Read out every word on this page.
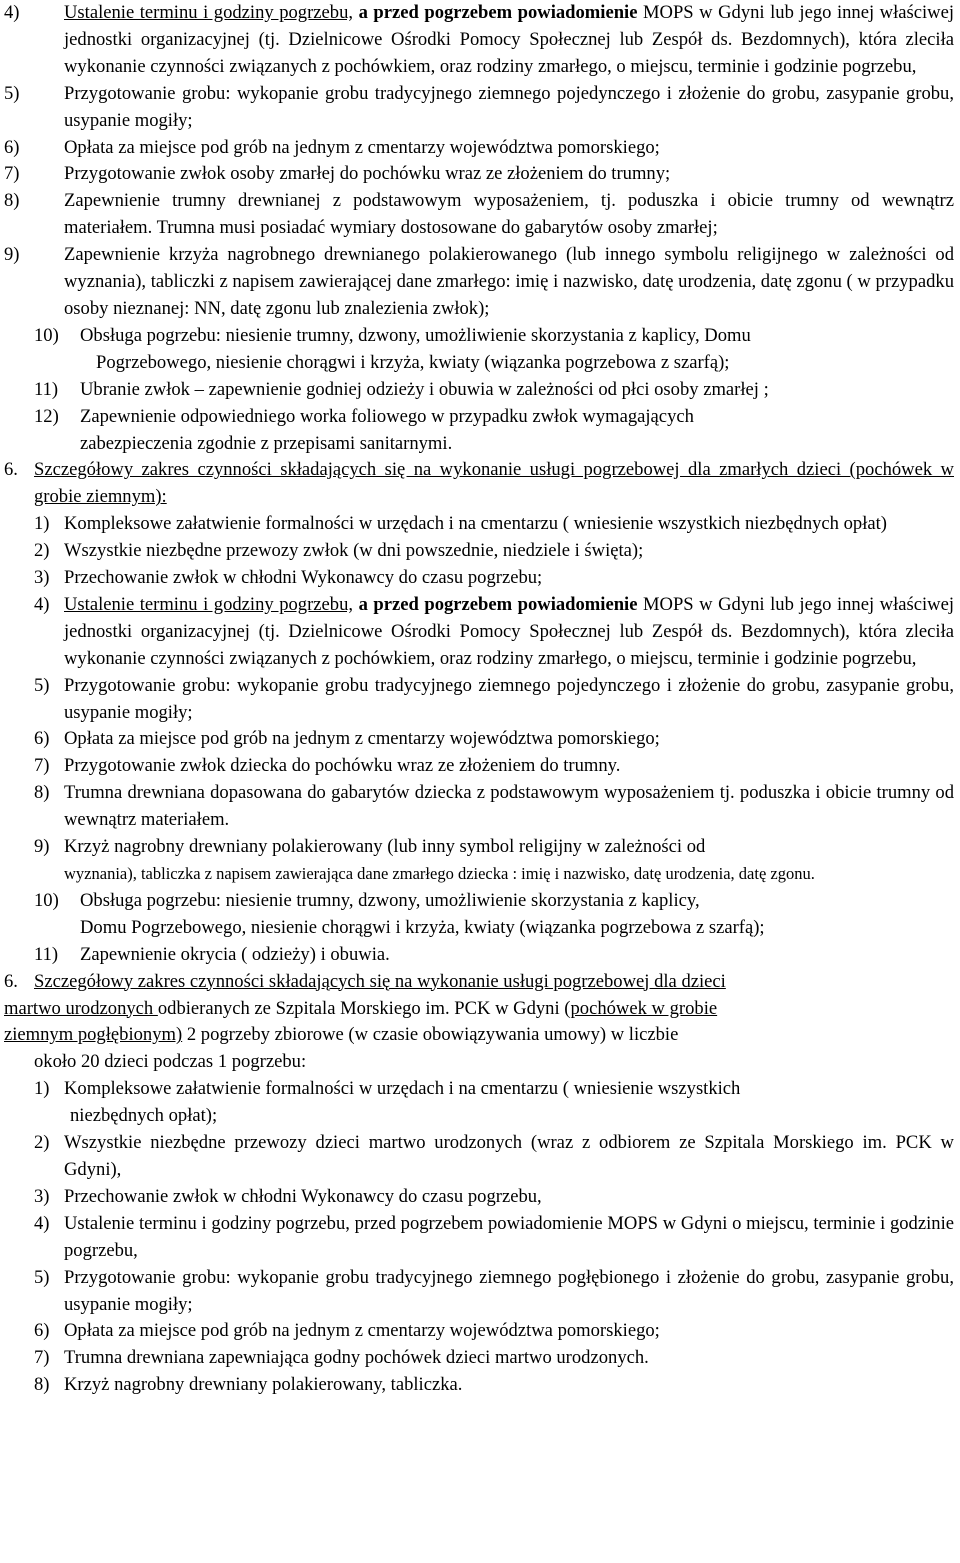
4) Ustalenie terminu i godziny pogrzebu, a przed pogrzebem powiadomienie MOPS w Gdyni lub jego innej właściwej jednostki organizacyjnej (tj. Dzielnicowe Ośrodki Pomocy Społecznej lub Zespół ds. Bezdomnych), która zleciła wykonanie czynności związanych z pochówkiem, oraz rodziny zmarłego, o miejscu, terminie i godzinie pogrzebu,
5) Przygotowanie grobu: wykopanie grobu tradycyjnego ziemnego pojedynczego i złożenie do grobu, zasypanie grobu, usypanie mogiły;
6) Opłata za miejsce pod grób na jednym z cmentarzy województwa pomorskiego;
7) Przygotowanie zwłok osoby zmarłej do pochówku wraz ze złożeniem do trumny;
8) Zapewnienie trumny drewnianej z podstawowym wyposażeniem, tj. poduszka i obicie trumny od wewnątrz materiałem. Trumna musi posiadać wymiary dostosowane do gabarytów osoby zmarłej;
9) Zapewnienie krzyża nagrobnego drewnianego polakierowanego (lub innego symbolu religijnego w zależności od wyznania), tabliczki z napisem zawierającej dane zmarłego: imię i nazwisko, datę urodzenia, datę zgonu ( w przypadku osoby nieznanej: NN, datę zgonu lub znalezienia zwłok);
10) Obsługa pogrzebu: niesienie trumny, dzwony, umożliwienie skorzystania z kaplicy, Domu
Pogrzebowego, niesienie chorągwi i krzyża, kwiaty (wiązanka pogrzebowa z szarfą);
11) Ubranie zwłok – zapewnienie godniej odzieży i obuwia w zależności od płci osoby zmarłej ;
12) Zapewnienie odpowiedniego worka foliowego w przypadku zwłok wymagających
zabezpieczenia zgodnie z przepisami sanitarnymi.
6. Szczegółowy zakres czynności składających się na wykonanie usługi pogrzebowej dla zmarłych dzieci (pochówek w grobie ziemnym):
1) Kompleksowe załatwienie formalności w urzędach i na cmentarzu ( wniesienie wszystkich niezbędnych opłat)
2) Wszystkie niezbędne przewozy zwłok (w dni powszednie, niedziele i święta);
3) Przechowanie zwłok w chłodni Wykonawcy do czasu pogrzebu;
4) Ustalenie terminu i godziny pogrzebu, a przed pogrzebem powiadomienie MOPS w Gdyni lub jego innej właściwej jednostki organizacyjnej (tj. Dzielnicowe Ośrodki Pomocy Społecznej lub Zespół ds. Bezdomnych), która zleciła wykonanie czynności związanych z pochówkiem, oraz rodziny zmarłego, o miejscu, terminie i godzinie pogrzebu,
5) Przygotowanie grobu: wykopanie grobu tradycyjnego ziemnego pojedynczego i złożenie do grobu, zasypanie grobu, usypanie mogiły;
6) Opłata za miejsce pod grób na jednym z cmentarzy województwa pomorskiego;
7) Przygotowanie zwłok dziecka do pochówku wraz ze złożeniem do trumny.
8) Trumna drewniana dopasowana do gabarytów dziecka z podstawowym wyposażeniem tj. poduszka i obicie trumny od wewnątrz materiałem.
9) Krzyż nagrobny drewniany polakierowany (lub inny symbol religijny w zależności od
wyznania), tabliczka z napisem zawierająca dane zmarłego dziecka : imię i nazwisko, datę urodzenia, datę zgonu.
10) Obsługa pogrzebu: niesienie trumny, dzwony, umożliwienie skorzystania z kaplicy,
Domu Pogrzebowego, niesienie chorągwi i krzyża, kwiaty (wiązanka pogrzebowa z szarfą);
11) Zapewnienie okrycia ( odzieży) i obuwia.
6. Szczegółowy zakres czynności składających się na wykonanie usługi pogrzebowej dla dzieci
martwo urodzonych odbieranych ze Szpitala Morskiego im. PCK w Gdyni (pochówek w grobie
ziemnym pogłębionym) 2 pogrzeby zbiorowe (w czasie obowiązywania umowy) w liczbie
około 20 dzieci podczas 1 pogrzebu:
1) Kompleksowe załatwienie formalności w urzędach i na cmentarzu ( wniesienie wszystkich
niezbędnych opłat);
2) Wszystkie niezbędne przewozy dzieci martwo urodzonych (wraz z odbiorem ze Szpitala Morskiego im. PCK w Gdyni),
3) Przechowanie zwłok w chłodni Wykonawcy do czasu pogrzebu,
4) Ustalenie terminu i godziny pogrzebu, przed pogrzebem powiadomienie MOPS w Gdyni o miejscu, terminie i godzinie pogrzebu,
5) Przygotowanie grobu: wykopanie grobu tradycyjnego ziemnego pogłębionego i złożenie do grobu, zasypanie grobu, usypanie mogiły;
6) Opłata za miejsce pod grób na jednym z cmentarzy województwa pomorskiego;
7) Trumna drewniana zapewniająca godny pochówek dzieci martwo urodzonych.
8) Krzyż nagrobny drewniany polakierowany, tabliczka.
